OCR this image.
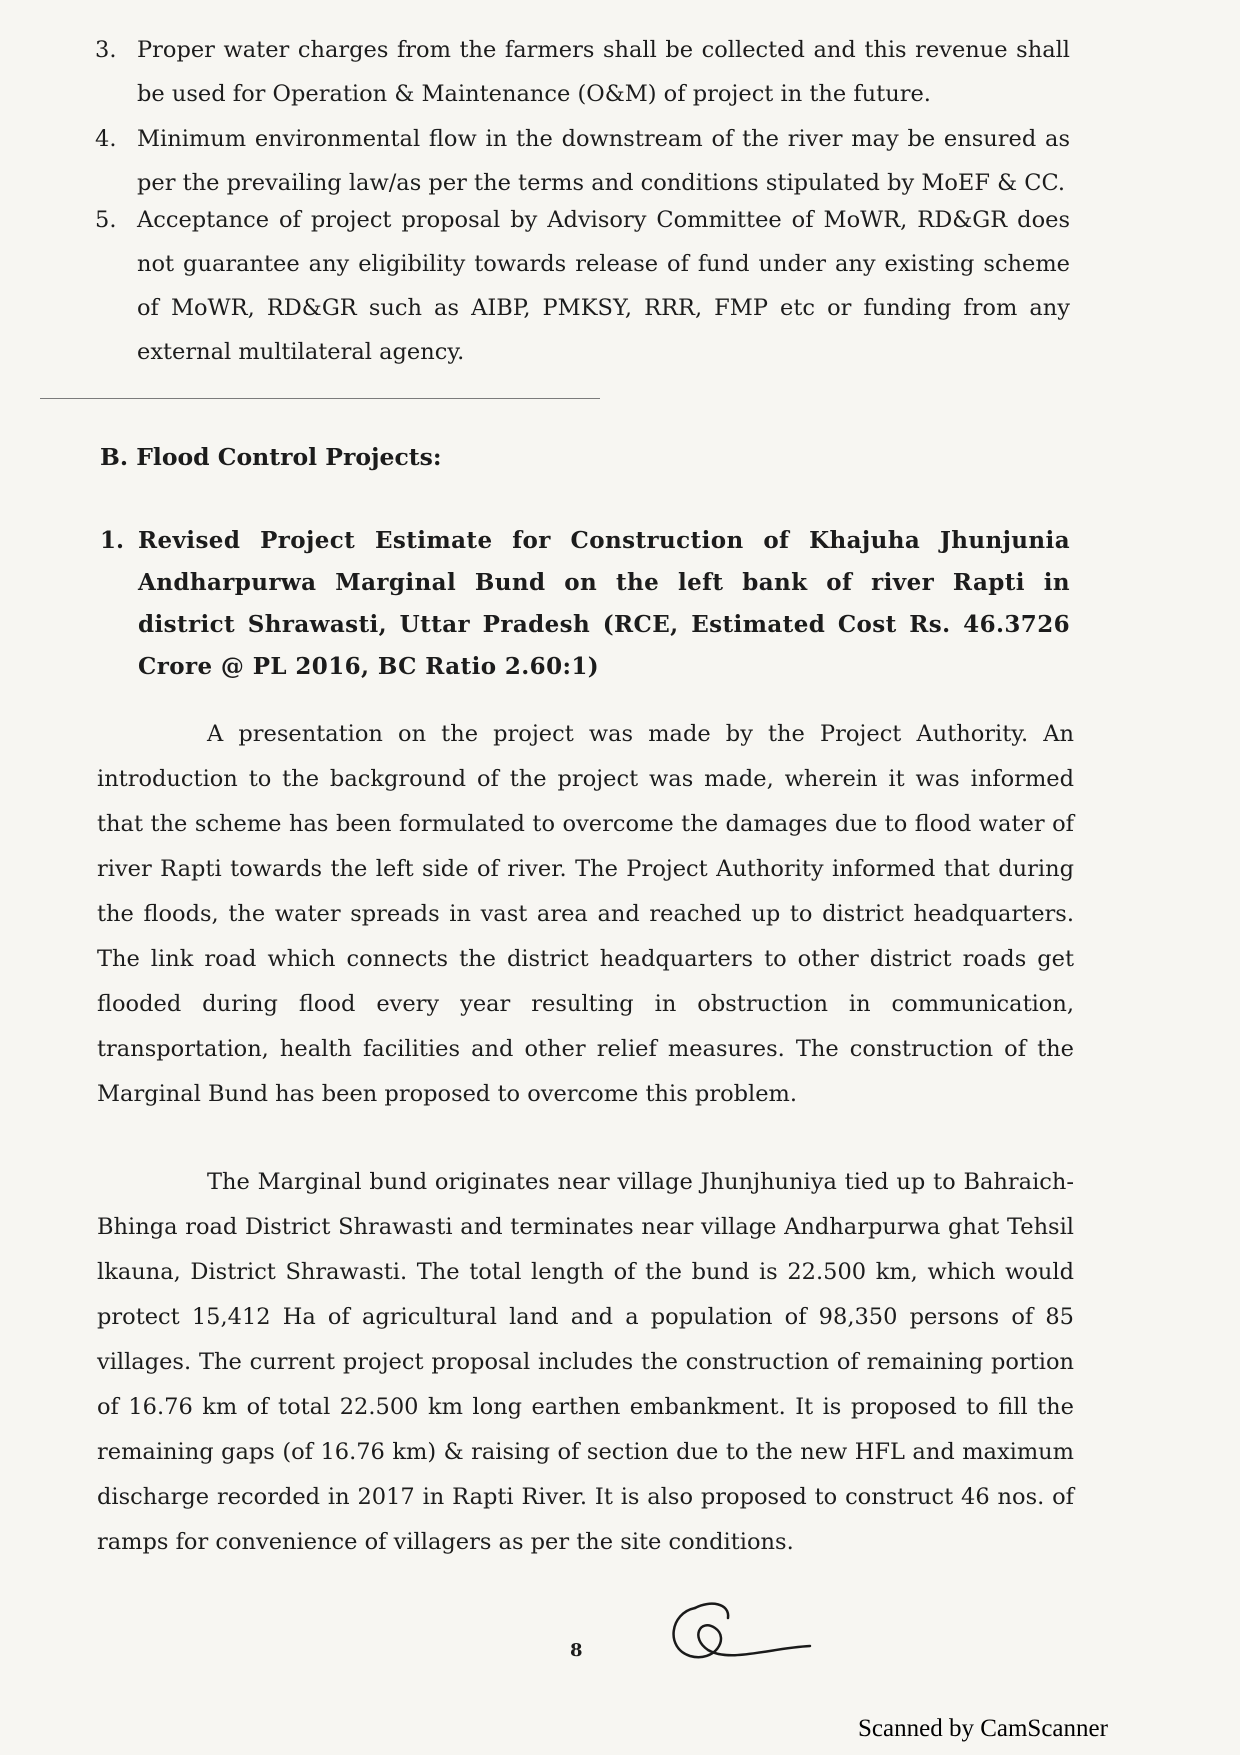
3. Proper water charges from the farmers shall be collected and this revenue shall be used for Operation & Maintenance (O&M) of project in the future.
4. Minimum environmental flow in the downstream of the river may be ensured as per the prevailing law/as per the terms and conditions stipulated by MoEF & CC.
5. Acceptance of project proposal by Advisory Committee of MoWR, RD&GR does not guarantee any eligibility towards release of fund under any existing scheme of MoWR, RD&GR such as AIBP, PMKSY, RRR, FMP etc or funding from any external multilateral agency.
B. Flood Control Projects:
1. Revised Project Estimate for Construction of Khajuha Jhunjunia Andharpurwa Marginal Bund on the left bank of river Rapti in district Shrawasti, Uttar Pradesh (RCE, Estimated Cost Rs. 46.3726 Crore @ PL 2016, BC Ratio 2.60:1)
A presentation on the project was made by the Project Authority. An introduction to the background of the project was made, wherein it was informed that the scheme has been formulated to overcome the damages due to flood water of river Rapti towards the left side of river. The Project Authority informed that during the floods, the water spreads in vast area and reached up to district headquarters. The link road which connects the district headquarters to other district roads get flooded during flood every year resulting in obstruction in communication, transportation, health facilities and other relief measures. The construction of the Marginal Bund has been proposed to overcome this problem.
The Marginal bund originates near village Jhunjhuniya tied up to Bahraich-Bhinga road District Shrawasti and terminates near village Andharpurwa ghat Tehsil lkauna, District Shrawasti. The total length of the bund is 22.500 km, which would protect 15,412 Ha of agricultural land and a population of 98,350 persons of 85 villages. The current project proposal includes the construction of remaining portion of 16.76 km of total 22.500 km long earthen embankment. It is proposed to fill the remaining gaps (of 16.76 km) & raising of section due to the new HFL and maximum discharge recorded in 2017 in Rapti River. It is also proposed to construct 46 nos. of ramps for convenience of villagers as per the site conditions.
8
Scanned by CamScanner
